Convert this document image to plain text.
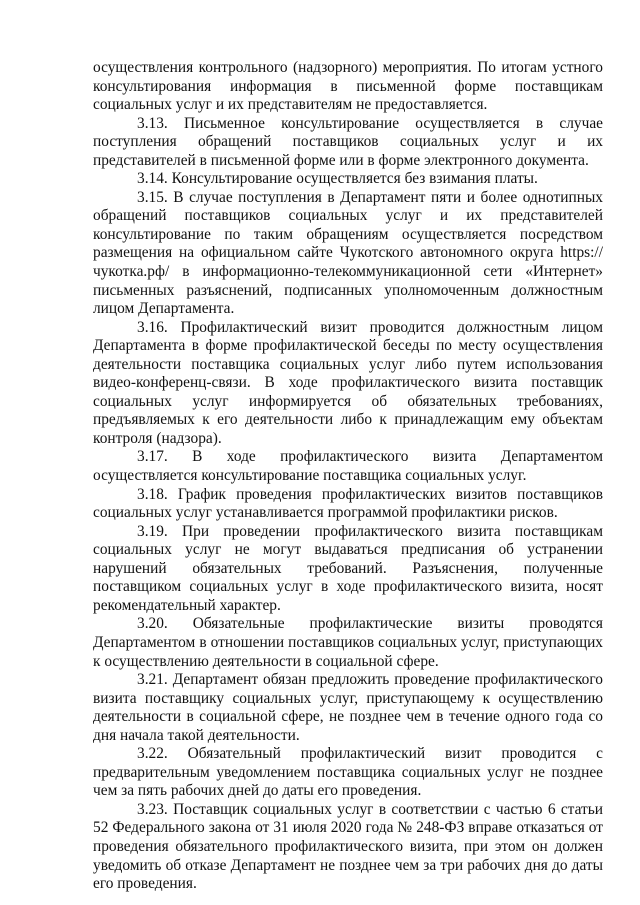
осуществления контрольного (надзорного) мероприятия. По итогам устного консультирования информация в письменной форме поставщикам социальных услуг и их представителям не предоставляется.

3.13. Письменное консультирование осуществляется в случае поступления обращений поставщиков социальных услуг и их представителей в письменной форме или в форме электронного документа.

3.14. Консультирование осуществляется без взимания платы.

3.15. В случае поступления в Департамент пяти и более однотипных обращений поставщиков социальных услуг и их представителей консультирование по таким обращениям осуществляется посредством размещения на официальном сайте Чукотского автономного округа https://чукотка.рф/ в информационно-телекоммуникационной сети «Интернет» письменных разъяснений, подписанных уполномоченным должностным лицом Департамента.

3.16. Профилактический визит проводится должностным лицом Департамента в форме профилактической беседы по месту осуществления деятельности поставщика социальных услуг либо путем использования видео-конференц-связи. В ходе профилактического визита поставщик социальных услуг информируется об обязательных требованиях, предъявляемых к его деятельности либо к принадлежащим ему объектам контроля (надзора).

3.17. В ходе профилактического визита Департаментом осуществляется консультирование поставщика социальных услуг.

3.18. График проведения профилактических визитов поставщиков социальных услуг устанавливается программой профилактики рисков.

3.19. При проведении профилактического визита поставщикам социальных услуг не могут выдаваться предписания об устранении нарушений обязательных требований. Разъяснения, полученные поставщиком социальных услуг в ходе профилактического визита, носят рекомендательный характер.

3.20. Обязательные профилактические визиты проводятся Департаментом в отношении поставщиков социальных услуг, приступающих к осуществлению деятельности в социальной сфере.

3.21. Департамент обязан предложить проведение профилактического визита поставщику социальных услуг, приступающему к осуществлению деятельности в социальной сфере, не позднее чем в течение одного года со дня начала такой деятельности.

3.22. Обязательный профилактический визит проводится с предварительным уведомлением поставщика социальных услуг не позднее чем за пять рабочих дней до даты его проведения.

3.23. Поставщик социальных услуг в соответствии с частью 6 статьи 52 Федерального закона от 31 июля 2020 года № 248-ФЗ вправе отказаться от проведения обязательного профилактического визита, при этом он должен уведомить об отказе Департамент не позднее чем за три рабочих дня до даты его проведения.
